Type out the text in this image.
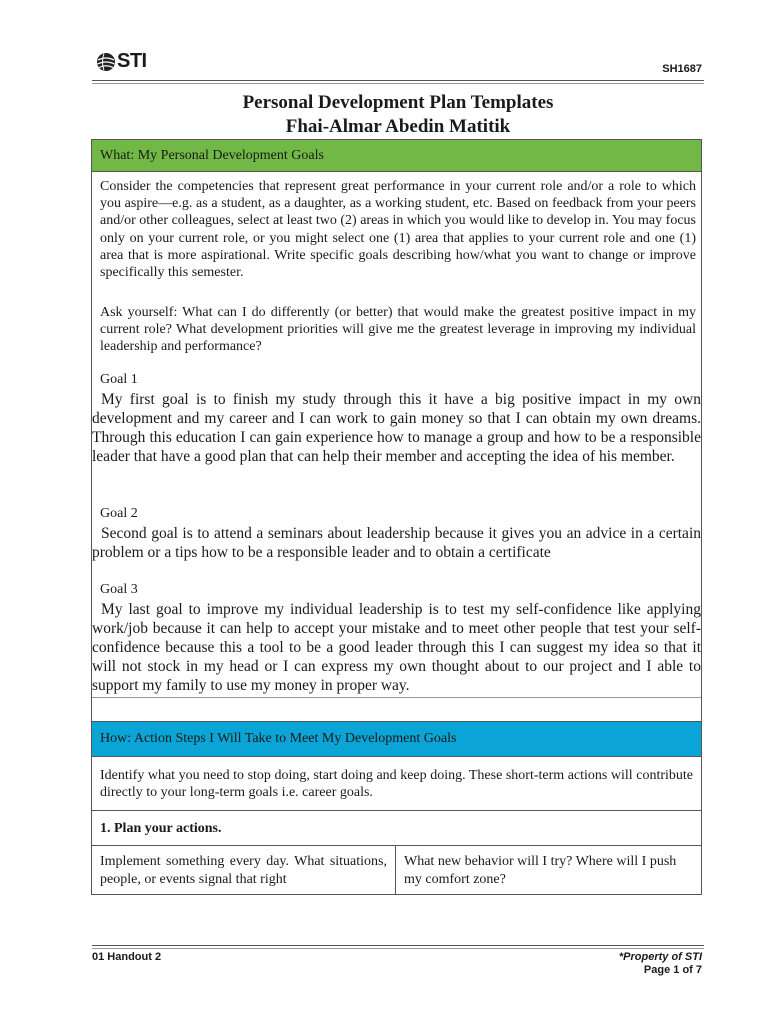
STI	SH1687
Personal Development Plan Templates
Fhai-Almar Abedin Matitik
What: My Personal Development Goals

Consider the competencies that represent great performance in your current role and/or a role to which you aspire—e.g. as a student, as a daughter, as a working student, etc. Based on feedback from your peers and/or other colleagues, select at least two (2) areas in which you would like to develop in. You may focus only on your current role, or you might select one (1) area that applies to your current role and one (1) area that is more aspirational. Write specific goals describing how/what you want to change or improve specifically this semester.

Ask yourself: What can I do differently (or better) that would make the greatest positive impact in my current role? What development priorities will give me the greatest leverage in improving my individual leadership and performance?

Goal 1

My first goal is to finish my study through this it have a big positive impact in my own development and my career and I can work to gain money so that I can obtain my own dreams. Through this education I can gain experience how to manage a group and how to be a responsible leader that have a good plan that can help their member and accepting the idea of his member.

Goal 2

Second goal is to attend a seminars about leadership because it gives you an advice in a certain problem or a tips how to be a responsible leader and to obtain a certificate

Goal 3

My last goal to improve my individual leadership is to test my self-confidence like applying work/job because it can help to accept your mistake and to meet other people that test your self-confidence because this a tool to be a good leader through this I can suggest my idea so that it will not stock in my head or I can express my own thought about to our project and I able to support my family to use my money in proper way.

How: Action Steps I Will Take to Meet My Development Goals

Identify what you need to stop doing, start doing and keep doing. These short-term actions will contribute directly to your long-term goals i.e. career goals.

1. Plan your actions.
Implement something every day. What situations, people, or events signal that right
What new behavior will I try? Where will I push my comfort zone?
01 Handout 2	*Property of STI
Page 1 of 7
